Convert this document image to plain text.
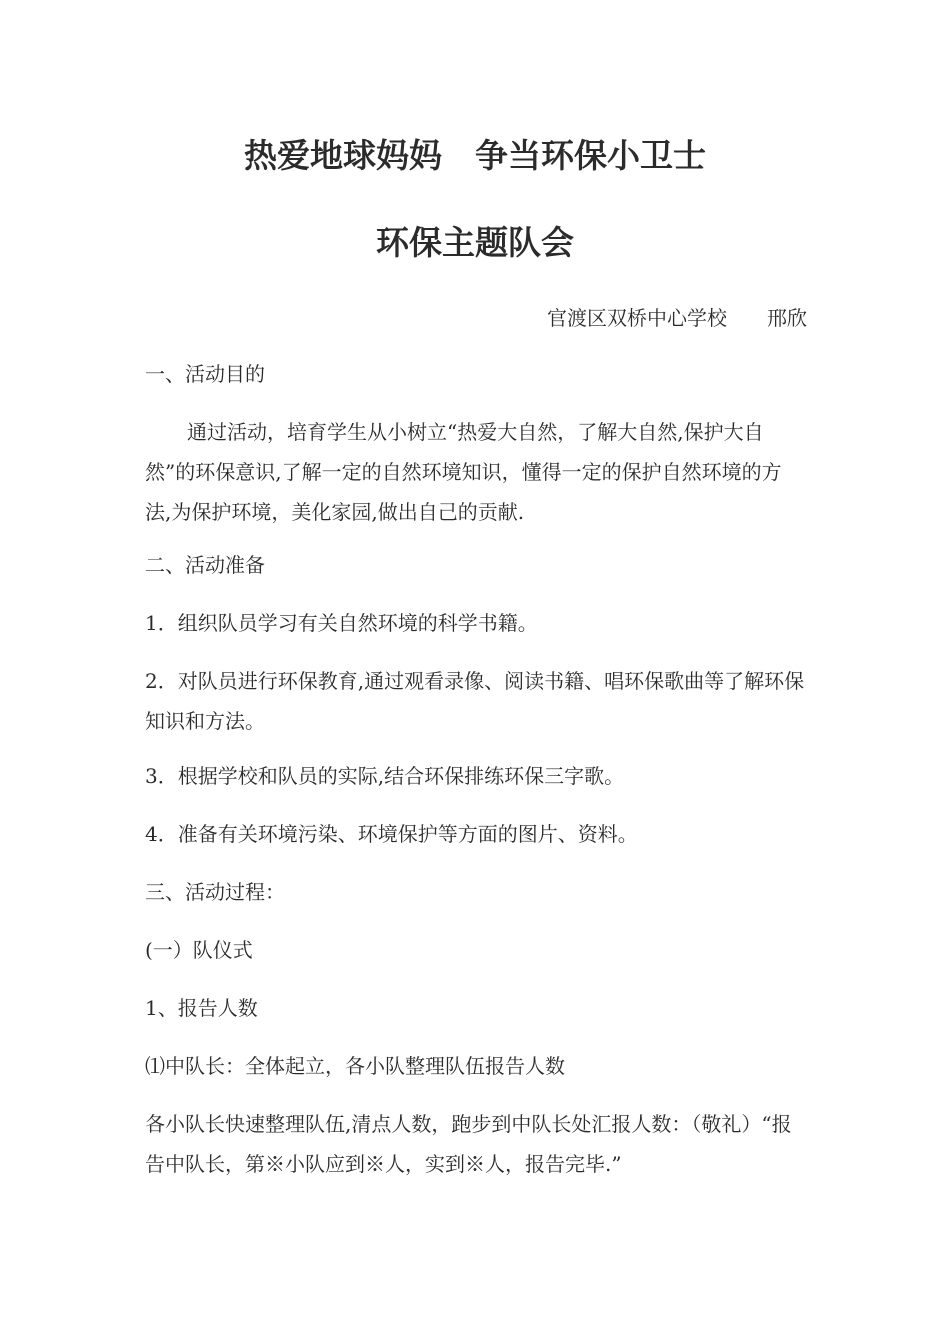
热爱地球妈妈　争当环保小卫士
环保主题队会

官渡区双桥中心学校　　邢欣

一、活动目的

通过活动，培育学生从小树立“热爱大自然，了解大自然,保护大自然”的环保意识,了解一定的自然环境知识，懂得一定的保护自然环境的方法,为保护环境，美化家园,做出自己的贡献.

二、活动准备

1．组织队员学习有关自然环境的科学书籍。

2．对队员进行环保教育,通过观看录像、阅读书籍、唱环保歌曲等了解环保知识和方法。

3．根据学校和队员的实际,结合环保排练环保三字歌。

4．准备有关环境污染、环境保护等方面的图片、资料。

三、活动过程：

(一）队仪式

1、报告人数

⑴中队长：全体起立，各小队整理队伍报告人数

各小队长快速整理队伍,清点人数，跑步到中队长处汇报人数：（敬礼）“报告中队长，第※小队应到※人，实到※人，报告完毕.”
